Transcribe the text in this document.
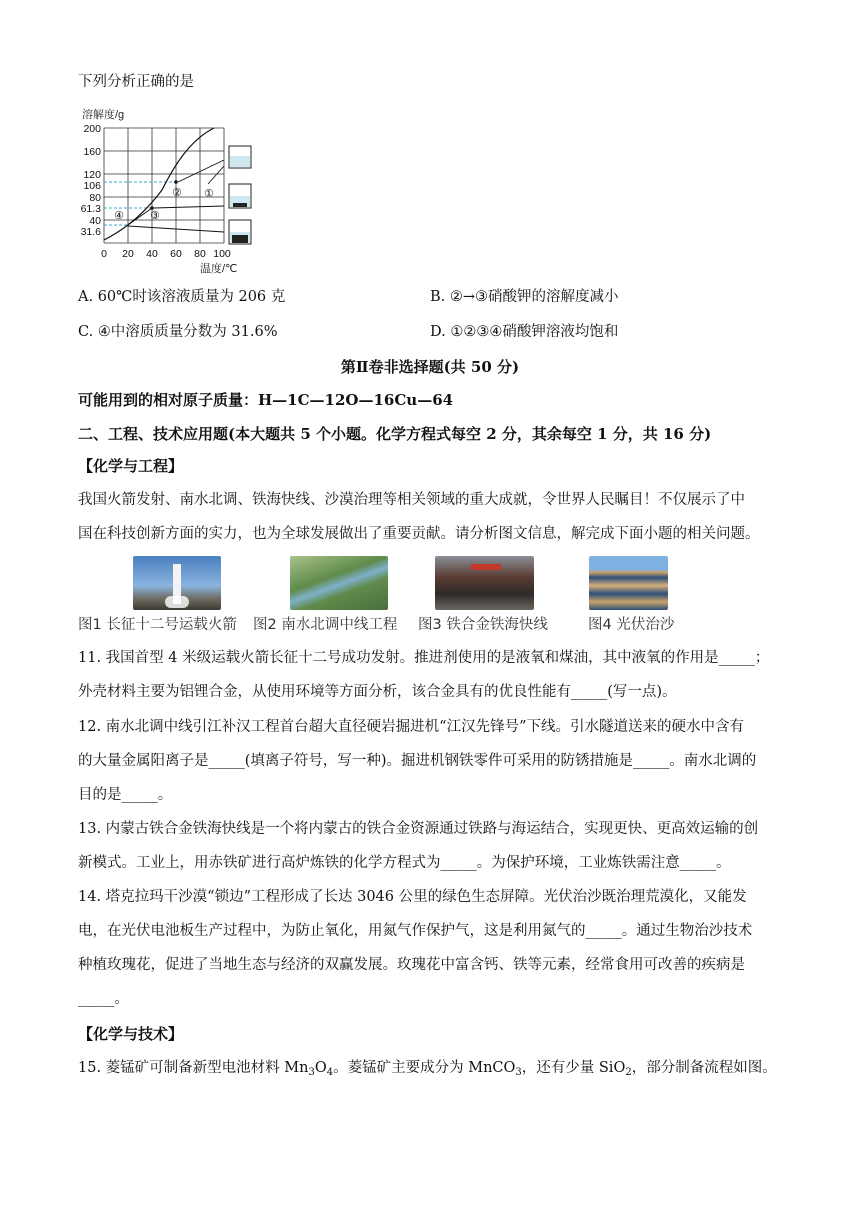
下列分析正确的是
溶解度/g
①
②
③
④
200
160
120
106
80
61.3
40
31.6
0 20 40 60 80 100
温度/℃
A. 60℃时该溶液质量为 206 克	B. ②→③硝酸钾的溶解度减小
C. ④中溶质质量分数为 31.6%	D. ①②③④硝酸钾溶液均饱和
第Ⅱ卷非选择题(共 50 分)
可能用到的相对原子质量：H—1C—12O—16Cu—64
二、工程、技术应用题(本大题共 5 个小题。化学方程式每空 2 分，其余每空 1 分，共 16 分)
【化学与工程】
我国火箭发射、南水北调、铁海快线、沙漠治理等相关领域的重大成就，令世界人民瞩目！不仅展示了中
国在科技创新方面的实力，也为全球发展做出了重要贡献。请分析图文信息，解完成下面小题的相关问题。
图1 长征十二号运载火箭 图2 南水北调中线工程 图3 铁合金铁海快线	图4 光伏治沙
11. 我国首型 4 米级运载火箭长征十二号成功发射。推进剂使用的是液氧和煤油，其中液氧的作用是_____；
外壳材料主要为铝锂合金，从使用环境等方面分析，该合金具有的优良性能有_____(写一点)。
12. 南水北调中线引江补汉工程首台超大直径硬岩掘进机“江汉先锋号”下线。引水隧道送来的硬水中含有
的大量金属阳离子是_____(填离子符号，写一种)。掘进机钢铁零件可采用的防锈措施是_____。南水北调的
目的是_____。
13. 内蒙古铁合金铁海快线是一个将内蒙古的铁合金资源通过铁路与海运结合，实现更快、更高效运输的创
新模式。工业上，用赤铁矿进行高炉炼铁的化学方程式为_____。为保护环境，工业炼铁需注意_____。
14. 塔克拉玛干沙漠“锁边”工程形成了长达 3046 公里的绿色生态屏障。光伏治沙既治理荒漠化，又能发
电，在光伏电池板生产过程中，为防止氧化，用氮气作保护气，这是利用氮气的_____。通过生物治沙技术
种植玫瑰花，促进了当地生态与经济的双赢发展。玫瑰花中富含钙、铁等元素，经常食用可改善的疾病是
_____。
【化学与技术】
15. 菱锰矿可制备新型电池材料 $Mn_3O_4$。菱锰矿主要成分为 MnCO$_3$，还有少量 SiO$_2$，部分制备流程如图。
